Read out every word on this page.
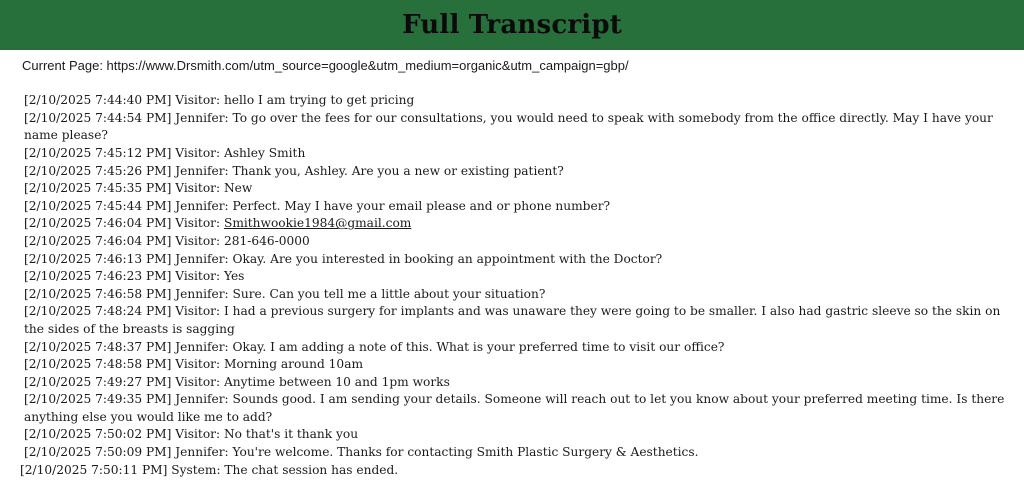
Full Transcript

Current Page: https://www.Drsmith.com/utm_source=google&utm_medium=organic&utm_campaign=gbp/

[2/10/2025 7:44:40 PM] Visitor: hello I am trying to get pricing

[2/10/2025 7:44:54 PM] Jennifer: To go over the fees for our consultations, you would need to speak with somebody from the office directly. May I have your name please?

[2/10/2025 7:45:12 PM] Visitor: Ashley Smith

[2/10/2025 7:45:26 PM] Jennifer: Thank you, Ashley. Are you a new or existing patient?

[2/10/2025 7:45:35 PM] Visitor: New

[2/10/2025 7:45:44 PM] Jennifer: Perfect. May I have your email please and or phone number?

[2/10/2025 7:46:04 PM] Visitor: Smithwookie1984@gmail.com

[2/10/2025 7:46:04 PM] Visitor: 281-646-0000

[2/10/2025 7:46:13 PM] Jennifer: Okay. Are you interested in booking an appointment with the Doctor?

[2/10/2025 7:46:23 PM] Visitor: Yes

[2/10/2025 7:46:58 PM] Jennifer: Sure. Can you tell me a little about your situation?

[2/10/2025 7:48:24 PM] Visitor: I had a previous surgery for implants and was unaware they were going to be smaller. I also had gastric sleeve so the skin on the sides of the breasts is sagging

[2/10/2025 7:48:37 PM] Jennifer: Okay. I am adding a note of this. What is your preferred time to visit our office?

[2/10/2025 7:48:58 PM] Visitor: Morning around 10am

[2/10/2025 7:49:27 PM] Visitor: Anytime between 10 and 1pm works

[2/10/2025 7:49:35 PM] Jennifer: Sounds good. I am sending your details. Someone will reach out to let you know about your preferred meeting time. Is there anything else you would like me to add?

[2/10/2025 7:50:02 PM] Visitor: No that's it thank you

[2/10/2025 7:50:09 PM] Jennifer: You're welcome. Thanks for contacting Smith Plastic Surgery & Aesthetics.

[2/10/2025 7:50:11 PM] System: The chat session has ended.
